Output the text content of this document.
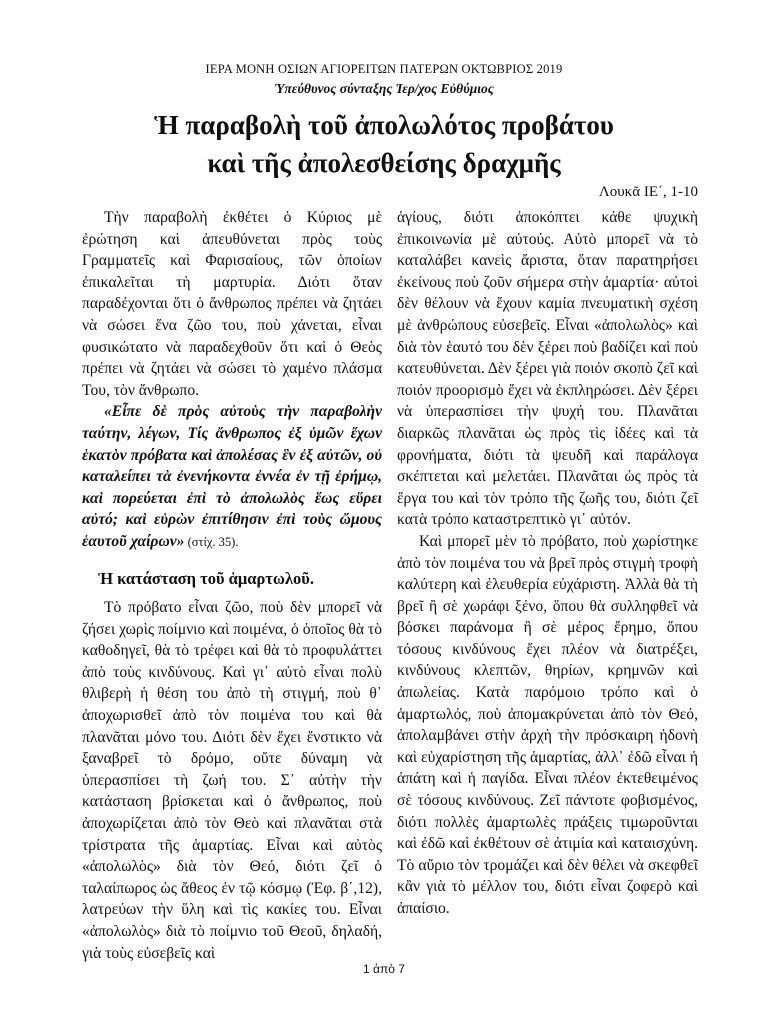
ΙΕΡΑ ΜΟΝΗ ΟΣΙΩΝ ΑΓΙΟΡΕΙΤΩΝ ΠΑΤΕΡΩΝ ΟΚΤΩΒΡΙΟΣ 2019
Ὑπεύθυνος σύνταξης Ἱερ/χος Εὐθύμιος
Ἡ παραβολὴ τοῦ ἀπολωλότος προβάτου
καὶ τῆς ἀπολεσθείσης δραχμῆς
Λουκᾶ ΙΕ΄, 1-10

Τὴν παραβολὴ ἐκθέτει ὁ Κύριος μὲ ἐρώτηση καὶ ἀπευθύνεται πρὸς τοὺς Γραμματεῖς καὶ Φαρισαίους, τῶν ὁποίων ἐπικαλεῖται τὴ μαρτυρία. Διότι ὅταν παραδέχονται ὅτι ὁ ἄνθρωπος πρέπει νὰ ζητάει νὰ σώσει ἕνα ζῶο του, ποὺ χάνεται, εἶναι φυσικώτατο νὰ παραδεχθοῦν ὅτι καὶ ὁ Θεὸς πρέπει νὰ ζητάει νὰ σώσει τὸ χαμένο πλάσμα Του, τὸν ἄνθρωπο.

«Εἶπε δὲ πρὸς αὐτοὺς τὴν παραβολὴν ταύτην, λέγων, Τίς ἄνθρωπος ἐξ ὑμῶν ἔχων ἑκατὸν πρόβατα καὶ ἀπολέσας ἓν ἐξ αὐτῶν, οὐ καταλείπει τὰ ἐνενήκοντα ἐννέα ἐν τῇ ἐρήμῳ, καὶ πορεύεται ἐπὶ τὸ ἀπολωλὸς ἕως εὕρει αὐτό; καὶ εὑρὼν ἐπιτίθησιν ἐπὶ τοὺς ὤμους ἑαυτοῦ χαίρων» (στίχ. 35).

Ἡ κατάσταση τοῦ ἁμαρτωλοῦ.

Τὸ πρόβατο εἶναι ζῶο, ποὺ δὲν μπορεῖ νὰ ζήσει χωρὶς ποίμνιο καὶ ποιμένα, ὁ ὁποῖος θὰ τὸ καθοδηγεῖ, θὰ τὸ τρέφει καὶ θὰ τὸ προφυλάττει ἀπὸ τοὺς κινδύνους. Καὶ γι᾽ αὐτὸ εἶναι πολὺ θλιβερὴ ἡ θέση του ἀπὸ τὴ στιγμή, ποὺ θ᾽ ἀποχωρισθεῖ ἀπὸ τὸν ποιμένα του καὶ θὰ πλανᾶται μόνο του. Διότι δὲν ἔχει ἔνστικτο νὰ ξαναβρεῖ τὸ δρόμο, οὔτε δύναμη νὰ ὑπερασπίσει τὴ ζωή του. Σ᾽ αὐτὴν τὴν κατάσταση βρίσκεται καὶ ὁ ἄνθρωπος, ποὺ ἀποχωρίζεται ἀπὸ τὸν Θεὸ καὶ πλανᾶται στὰ τρίστρατα τῆς ἁμαρτίας. Εἶναι καὶ αὐτὸς «ἀπολωλὸς» διὰ τὸν Θεό, διότι ζεῖ ὁ ταλαίπωρος ὡς ἄθεος ἐν τῷ κόσμῳ (Ἐφ. β΄,12), λατρεύων τὴν ὕλη καὶ τὶς κακίες του. Εἶναι «ἀπολωλὸς» διὰ τὸ ποίμνιο τοῦ Θεοῦ, δηλαδή, γιὰ τοὺς εὐσεβεῖς καὶ

ἁγίους, διότι ἀποκόπτει κάθε ψυχικὴ ἐπικοινωνία μὲ αὐτούς. Αὐτὸ μπορεῖ νὰ τὸ καταλάβει κανεὶς ἄριστα, ὅταν παρατηρήσει ἐκείνους ποὺ ζοῦν σήμερα στὴν ἁμαρτία· αὐτοὶ δὲν θέλουν νὰ ἔχουν καμία πνευματικὴ σχέση μὲ ἀνθρώπους εὐσεβεῖς. Εἶναι «ἀπολωλὸς» καὶ διὰ τὸν ἑαυτό του δὲν ξέρει ποὺ βαδίζει καὶ ποὺ κατευθύνεται. Δὲν ξέρει γιὰ ποιόν σκοπὸ ζεῖ καὶ ποιόν προορισμὸ ἔχει νὰ ἐκπληρώσει. Δὲν ξέρει νὰ ὑπερασπίσει τὴν ψυχή του. Πλανᾶται διαρκῶς πλανᾶται ὡς πρὸς τὶς ἰδέες καὶ τὰ φρονήματα, διότι τὰ ψευδῆ καὶ παράλογα σκέπτεται καὶ μελετάει. Πλανᾶται ὡς πρὸς τὰ ἔργα του καὶ τὸν τρόπο τῆς ζωῆς του, διότι ζεῖ κατὰ τρόπο καταστρεπτικὸ γι᾽ αὐτόν.

Καὶ μπορεῖ μὲν τὸ πρόβατο, ποὺ χωρίστηκε ἀπὸ τὸν ποιμένα του νὰ βρεῖ πρὸς στιγμὴ τροφὴ καλύτερη καὶ ἐλευθερία εὐχάριστη. Ἀλλὰ θὰ τὴ βρεῖ ἢ σὲ χωράφι ξένο, ὅπου θὰ συλληφθεῖ νὰ βόσκει παράνομα ἢ σὲ μέρος ἔρημο, ὅπου τόσους κινδύνους ἔχει πλέον νὰ διατρέξει, κινδύνους κλεπτῶν, θηρίων, κρημνῶν καὶ ἀπωλείας. Κατὰ παρόμοιο τρόπο καὶ ὁ ἁμαρτωλός, ποὺ ἀπομακρύνεται ἀπὸ τὸν Θεό, ἀπολαμβάνει στὴν ἀρχὴ τὴν πρόσκαιρη ἡδονὴ καὶ εὐχαρίστηση τῆς ἁμαρτίας, ἀλλ᾽ ἐδῶ εἶναι ἡ ἀπάτη καὶ ἡ παγίδα. Εἶναι πλέον ἐκτεθειμένος σὲ τόσους κινδύνους. Ζεῖ πάντοτε φοβισμένος, διότι πολλὲς ἁμαρτωλὲς πράξεις τιμωροῦνται καὶ ἐδῶ καὶ ἐκθέτουν σὲ ἀτιμία καὶ καταισχύνη. Τὸ αὔριο τὸν τρομάζει καὶ δὲν θέλει νὰ σκεφθεῖ κἂν γιὰ τὸ μέλλον του, διότι εἶναι ζοφερὸ καὶ ἀπαίσιο.

1 ἀπὸ 7
